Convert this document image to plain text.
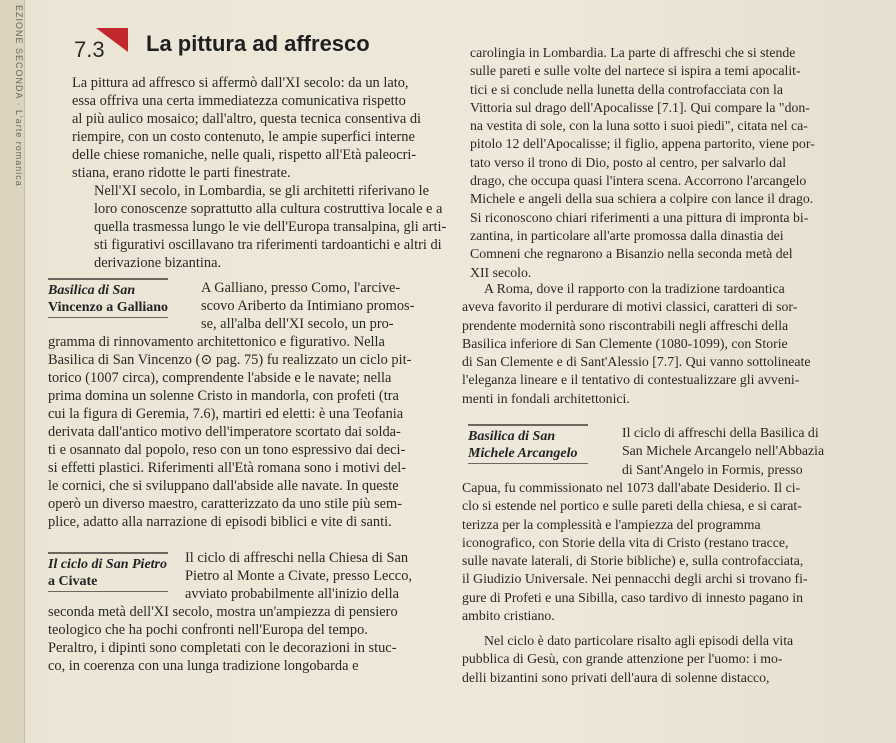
EZIONE SECONDA · L'arte romanica 7.3 La pittura ad affresco
La pittura ad affresco si affermò dall'XI secolo: da un lato,
essa offriva una certa immediatezza comunicativa rispetto
al più aulico mosaico; dall'altro, questa tecnica consentiva di
riempire, con un costo contenuto, le ampie superfici interne
delle chiese romaniche, nelle quali, rispetto all'Età paleocri-
stiana, erano ridotte le parti finestrate.
Nell'XI secolo, in Lombardia, se gli architetti riferivano le
loro conoscenze soprattutto alla cultura costruttiva locale e a
quella trasmessa lungo le vie dell'Europa transalpina, gli arti-
sti figurativi oscillavano tra riferimenti tardoantichi e altri di
derivazione bizantina.
Basilica di San
Vincenzo a Galliano
A Galliano, presso Como, l'arcive-
scovo Ariberto da Intimiano promos-
se, all'alba dell'XI secolo, un pro-
gramma di rinnovamento architettonico e figurativo. Nella
Basilica di San Vincenzo (⊙ pag. 75) fu realizzato un ciclo pit-
torico (1007 circa), comprendente l'abside e le navate; nella
prima domina un solenne Cristo in mandorla, con profeti (tra
cui la figura di Geremia, 7.6), martiri ed eletti: è una Teofania
derivata dall'antico motivo dell'imperatore scortato dai solda-
ti e osannato dal popolo, reso con un tono espressivo dai deci-
si effetti plastici. Riferimenti all'Età romana sono i motivi del-
le cornici, che si sviluppano dall'abside alle navate. In queste
operò un diverso maestro, caratterizzato da uno stile più sem-
plice, adatto alla narrazione di episodi biblici e vite di santi.
Il ciclo di San Pietro
a Civate
Il ciclo di affreschi nella Chiesa di San
Pietro al Monte a Civate, presso Lecco,
avviato probabilmente all'inizio della
seconda metà dell'XI secolo, mostra un'ampiezza di pensiero
teologico che ha pochi confronti nell'Europa del tempo.
Peraltro, i dipinti sono completati con le decorazioni in stuc-
co, in coerenza con una lunga tradizione longobarda e
carolingia in Lombardia. La parte di affreschi che si stende
sulle pareti e sulle volte del nartece si ispira a temi apocalit-
tici e si conclude nella lunetta della controfacciata con la
Vittoria sul drago dell'Apocalisse [7.1]. Qui compare la "don-
na vestita di sole, con la luna sotto i suoi piedi", citata nel ca-
pitolo 12 dell'Apocalisse; il figlio, appena partorito, viene por-
tato verso il trono di Dio, posto al centro, per salvarlo dal
drago, che occupa quasi l'intera scena. Accorrono l'arcangelo
Michele e angeli della sua schiera a colpire con lance il drago.
Si riconoscono chiari riferimenti a una pittura di impronta bi-
zantina, in particolare all'arte promossa dalla dinastia dei
Comneni che regnarono a Bisanzio nella seconda metà del
XII secolo.
A Roma, dove il rapporto con la tradizione tardoantica
aveva favorito il perdurare di motivi classici, caratteri di sor-
prendente modernità sono riscontrabili negli affreschi della
Basilica inferiore di San Clemente (1080-1099), con Storie
di San Clemente e di Sant'Alessio [7.7]. Qui vanno sottolineate
l'eleganza lineare e il tentativo di contestualizzare gli avveni-
menti in fondali architettonici.
Basilica di San
Michele Arcangelo
Il ciclo di affreschi della Basilica di
San Michele Arcangelo nell'Abbazia
di Sant'Angelo in Formis, presso
Capua, fu commissionato nel 1073 dall'abate Desiderio. Il ci-
clo si estende nel portico e sulle pareti della chiesa, e si carat-
terizza per la complessità e l'ampiezza del programma
iconografico, con Storie della vita di Cristo (restano tracce,
sulle navate laterali, di Storie bibliche) e, sulla controfacciata,
il Giudizio Universale. Nei pennacchi degli archi si trovano fi-
gure di Profeti e una Sibilla, caso tardivo di innesto pagano in
ambito cristiano.
Nel ciclo è dato particolare risalto agli episodi della vita
pubblica di Gesù, con grande attenzione per l'uomo: i mo-
delli bizantini sono privati dell'aura di solenne distacco,
